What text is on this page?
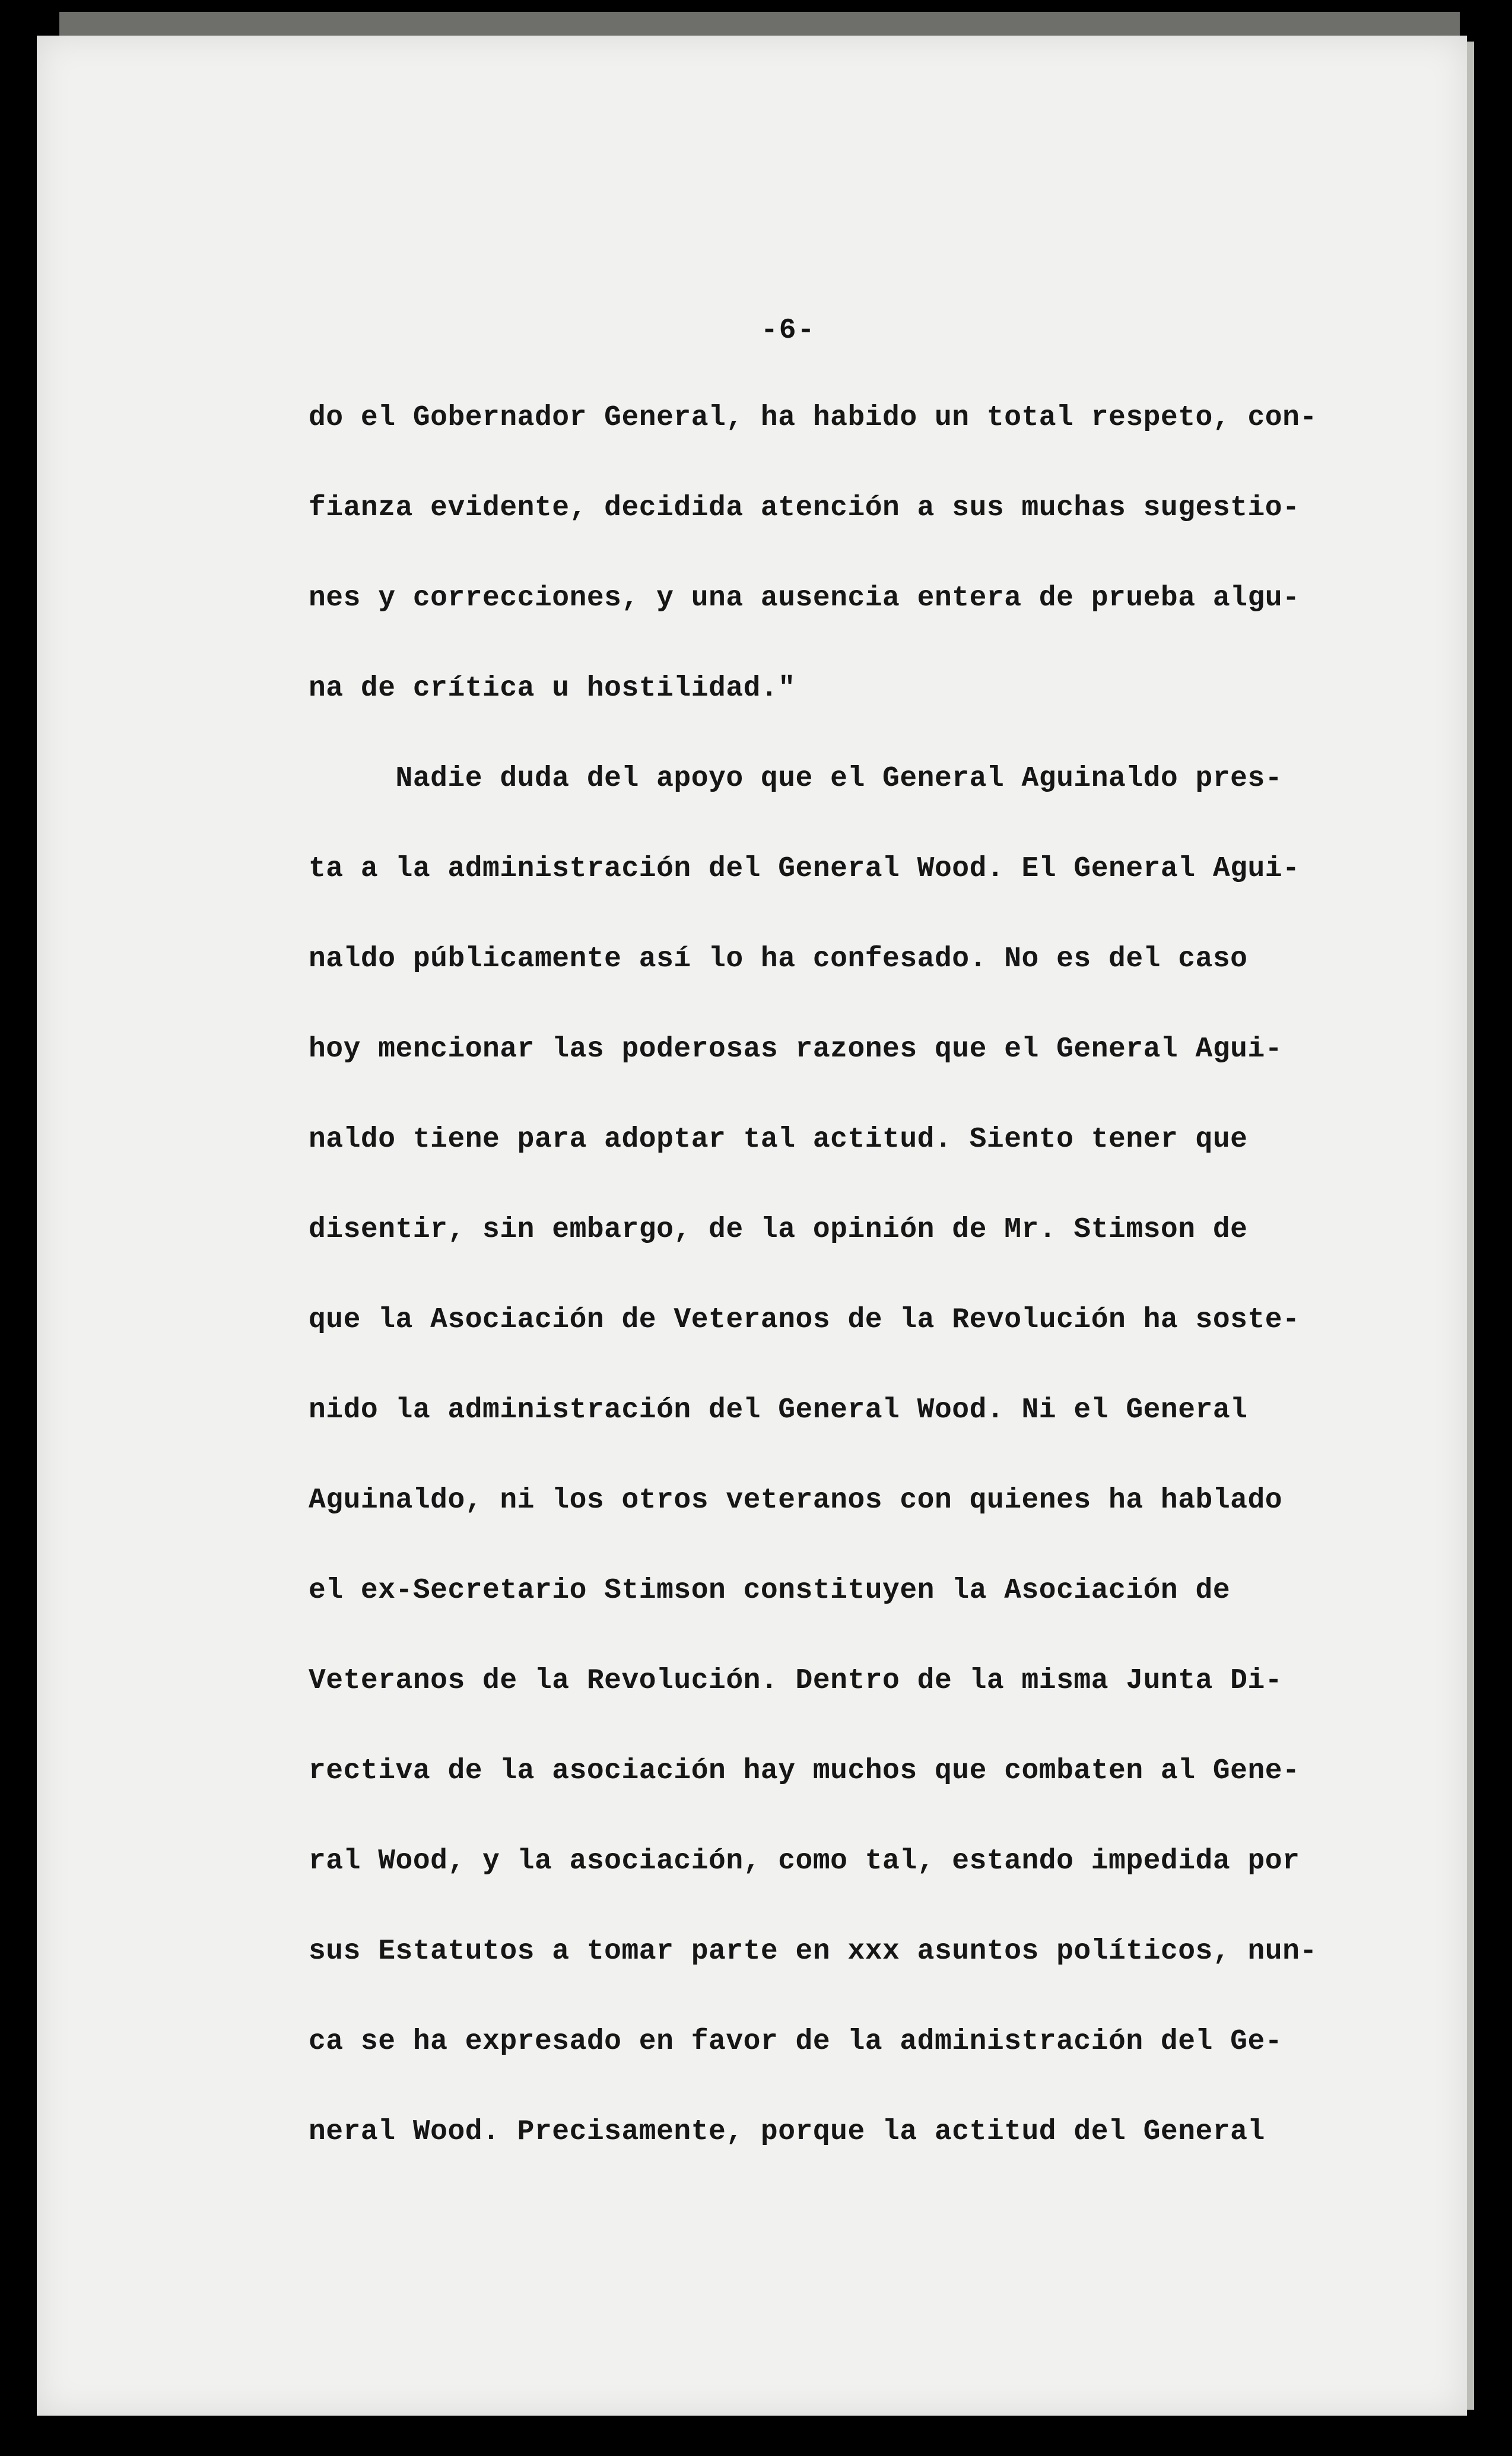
-6-
do el Gobernador General, ha habido un total respeto, con-
fianza evidente, decidida atención a sus muchas sugestio-
nes y correcciones, y una ausencia entera de prueba algu-
na de crítica u hostilidad."
Nadie duda del apoyo que el General Aguinaldo pres-
ta a la administración del General Wood. El General Agui-
naldo públicamente así lo ha confesado. No es del caso
hoy mencionar las poderosas razones que el General Agui-
naldo tiene para adoptar tal actitud. Siento tener que
disentir, sin embargo, de la opinión de Mr. Stimson de
que la Asociación de Veteranos de la Revolución ha soste-
nido la administración del General Wood. Ni el General
Aguinaldo, ni los otros veteranos con quienes ha hablado
el ex-Secretario Stimson constituyen la Asociación de
Veteranos de la Revolución. Dentro de la misma Junta Di-
rectiva de la asociación hay muchos que combaten al Gene-
ral Wood, y la asociación, como tal, estando impedida por
sus Estatutos a tomar parte en xxx asuntos políticos, nun-
ca se ha expresado en favor de la administración del Ge-
neral Wood. Precisamente, porque la actitud del General
